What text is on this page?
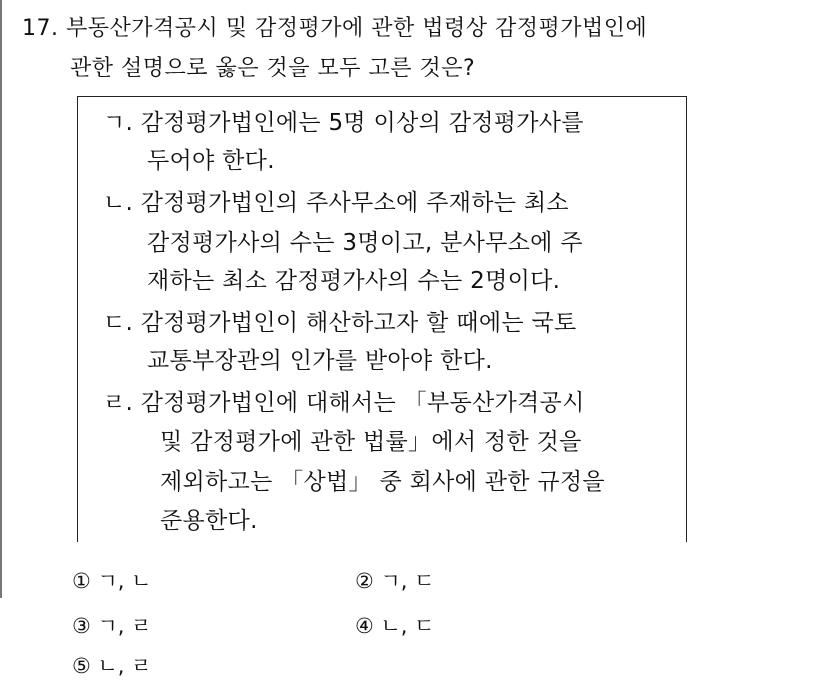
17. 부동산가격공시 및 감정평가에 관한 법령상 감정평가법인에
관한 설명으로 옳은 것을 모두 고른 것은?
ㄱ. 감정평가법인에는 5명 이상의 감정평가사를
두어야 한다.
ㄴ. 감정평가법인의 주사무소에 주재하는 최소
감정평가사의 수는 3명이고, 분사무소에 주
재하는 최소 감정평가사의 수는 2명이다.
ㄷ. 감정평가법인이 해산하고자 할 때에는 국토
교통부장관의 인가를 받아야 한다.
ㄹ. 감정평가법인에 대해서는 「부동산가격공시
및 감정평가에 관한 법률」에서 정한 것을
제외하고는 「상법」 중 회사에 관한 규정을
준용한다.
① ㄱ, ㄴ	② ㄱ, ㄷ
③ ㄱ, ㄹ	④ ㄴ, ㄷ
⑤ ㄴ, ㄹ
